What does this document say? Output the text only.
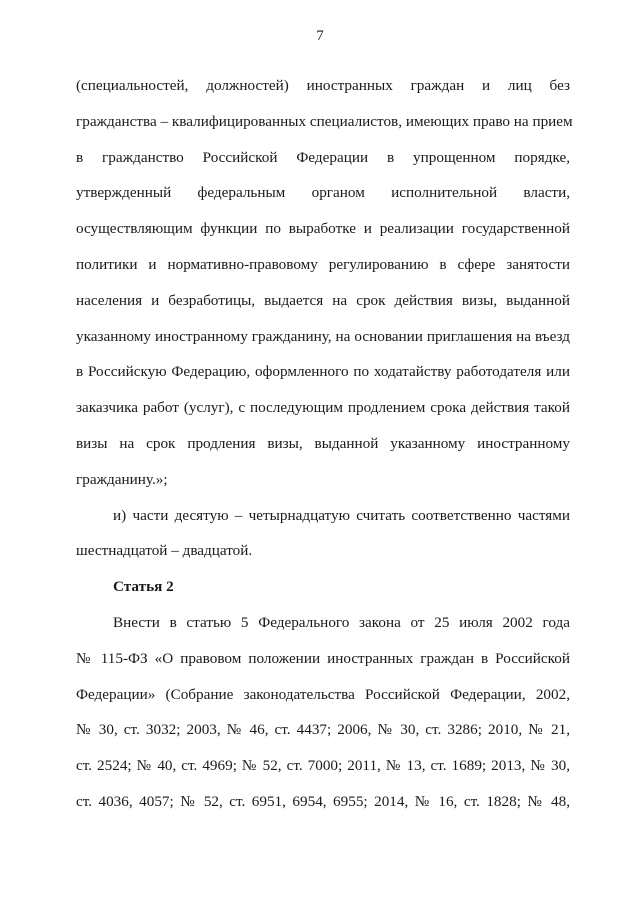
7
(специальностей, должностей) иностранных граждан и лиц без
гражданства – квалифицированных специалистов, имеющих право на прием
в гражданство Российской Федерации в упрощенном порядке,
утвержденный федеральным органом исполнительной власти,
осуществляющим функции по выработке и реализации государственной
политики и нормативно-правовому регулированию в сфере занятости
населения и безработицы, выдается на срок действия визы, выданной
указанному иностранному гражданину, на основании приглашения на въезд
в Российскую Федерацию, оформленного по ходатайству работодателя или
заказчика работ (услуг), с последующим продлением срока действия такой
визы на срок продления визы, выданной указанному иностранному
гражданину.»;
и) части десятую – четырнадцатую считать соответственно частями
шестнадцатой – двадцатой.
Статья 2
Внести в статью 5 Федерального закона от 25 июля 2002 года
№ 115-ФЗ «О правовом положении иностранных граждан в Российской
Федерации» (Собрание законодательства Российской Федерации, 2002,
№ 30, ст. 3032; 2003, № 46, ст. 4437; 2006, № 30, ст. 3286; 2010, № 21,
ст. 2524; № 40, ст. 4969; № 52, ст. 7000; 2011, № 13, ст. 1689; 2013, № 30,
ст. 4036, 4057; № 52, ст. 6951, 6954, 6955; 2014, № 16, ст. 1828; № 48,
